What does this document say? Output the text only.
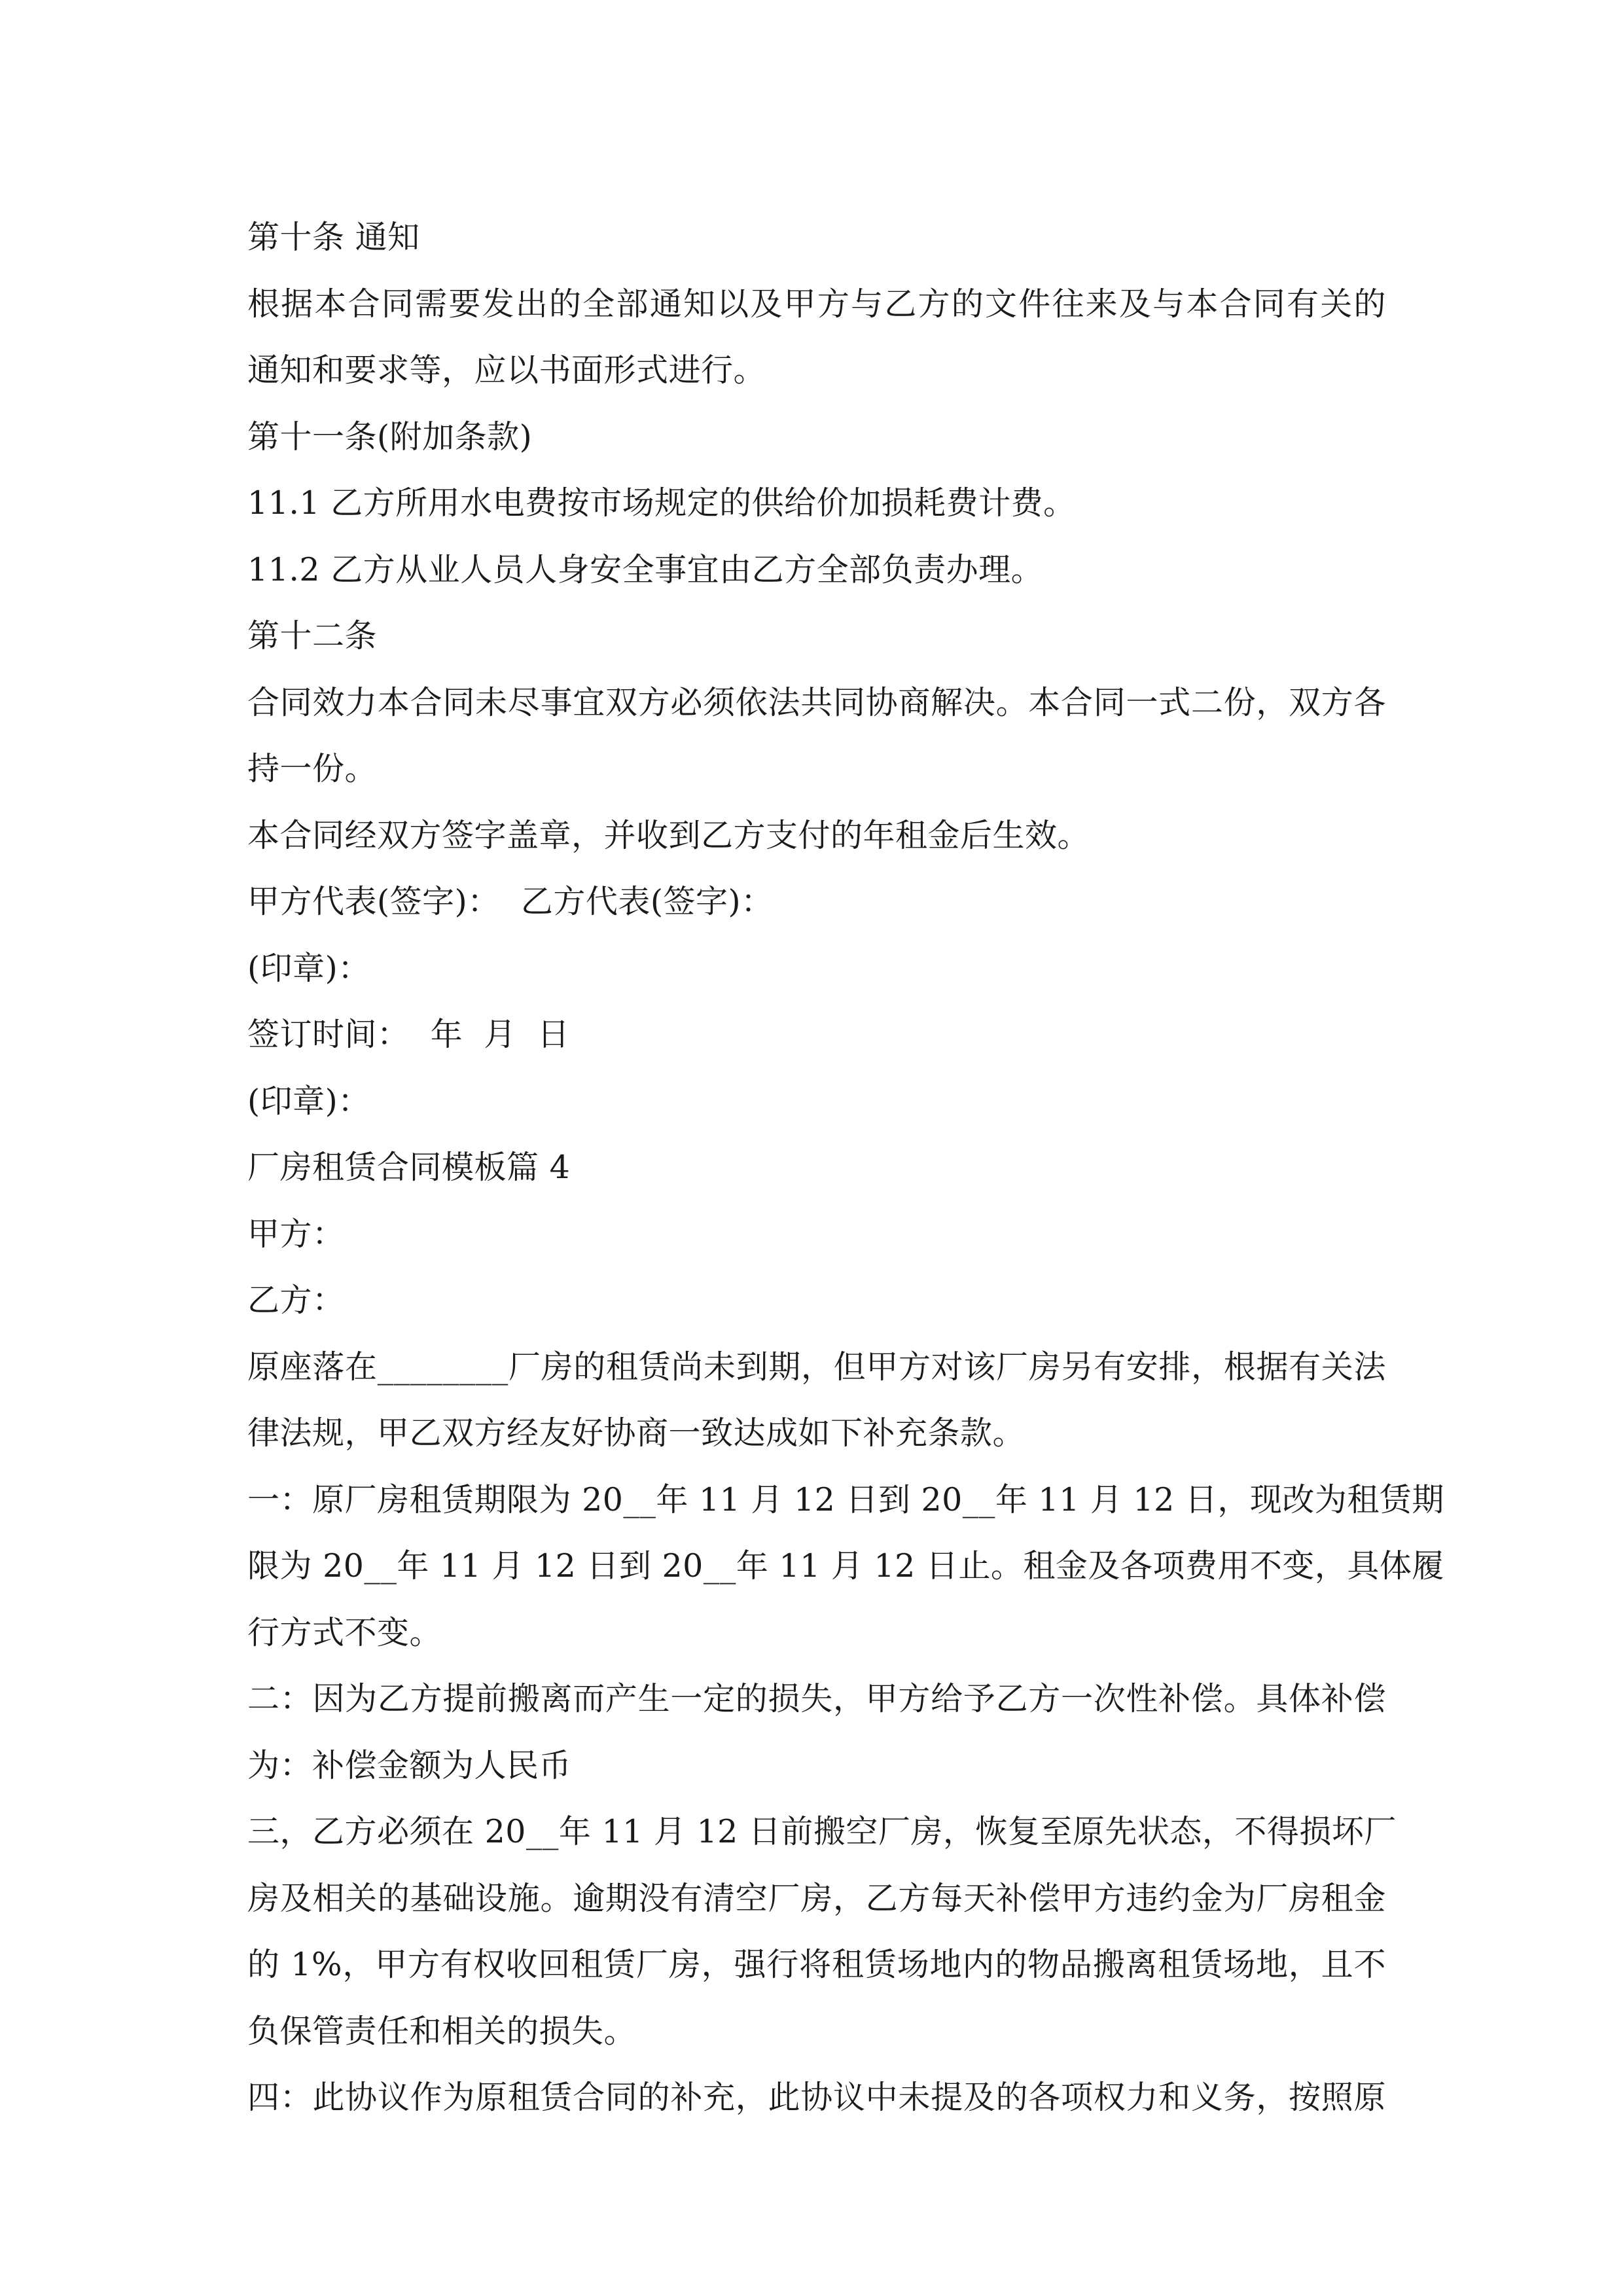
第十条 通知
根据本合同需要发出的全部通知以及甲方与乙方的文件往来及与本合同有关的
通知和要求等，应以书面形式进行。
第十一条(附加条款)
11.1 乙方所用水电费按市场规定的供给价加损耗费计费。
11.2 乙方从业人员人身安全事宜由乙方全部负责办理。
第十二条
合同效力本合同未尽事宜双方必须依法共同协商解决。本合同一式二份，双方各
持一份。
本合同经双方签字盖章，并收到乙方支付的年租金后生效。
甲方代表(签字)：  乙方代表(签字)：
(印章)：
签订时间：  年  月  日
(印章)：
厂房租赁合同模板篇 4
甲方：
乙方：
原座落在________厂房的租赁尚未到期，但甲方对该厂房另有安排，根据有关法
律法规，甲乙双方经友好协商一致达成如下补充条款。
一：原厂房租赁期限为 20__年 11 月 12 日到 20__年 11 月 12 日，现改为租赁期
限为 20__年 11 月 12 日到 20__年 11 月 12 日止。租金及各项费用不变，具体履
行方式不变。
二：因为乙方提前搬离而产生一定的损失，甲方给予乙方一次性补偿。具体补偿
为：补偿金额为人民币
三，乙方必须在 20__年 11 月 12 日前搬空厂房，恢复至原先状态，不得损坏厂
房及相关的基础设施。逾期没有清空厂房，乙方每天补偿甲方违约金为厂房租金
的 1%，甲方有权收回租赁厂房，强行将租赁场地内的物品搬离租赁场地，且不
负保管责任和相关的损失。
四：此协议作为原租赁合同的补充，此协议中未提及的各项权力和义务，按照原
